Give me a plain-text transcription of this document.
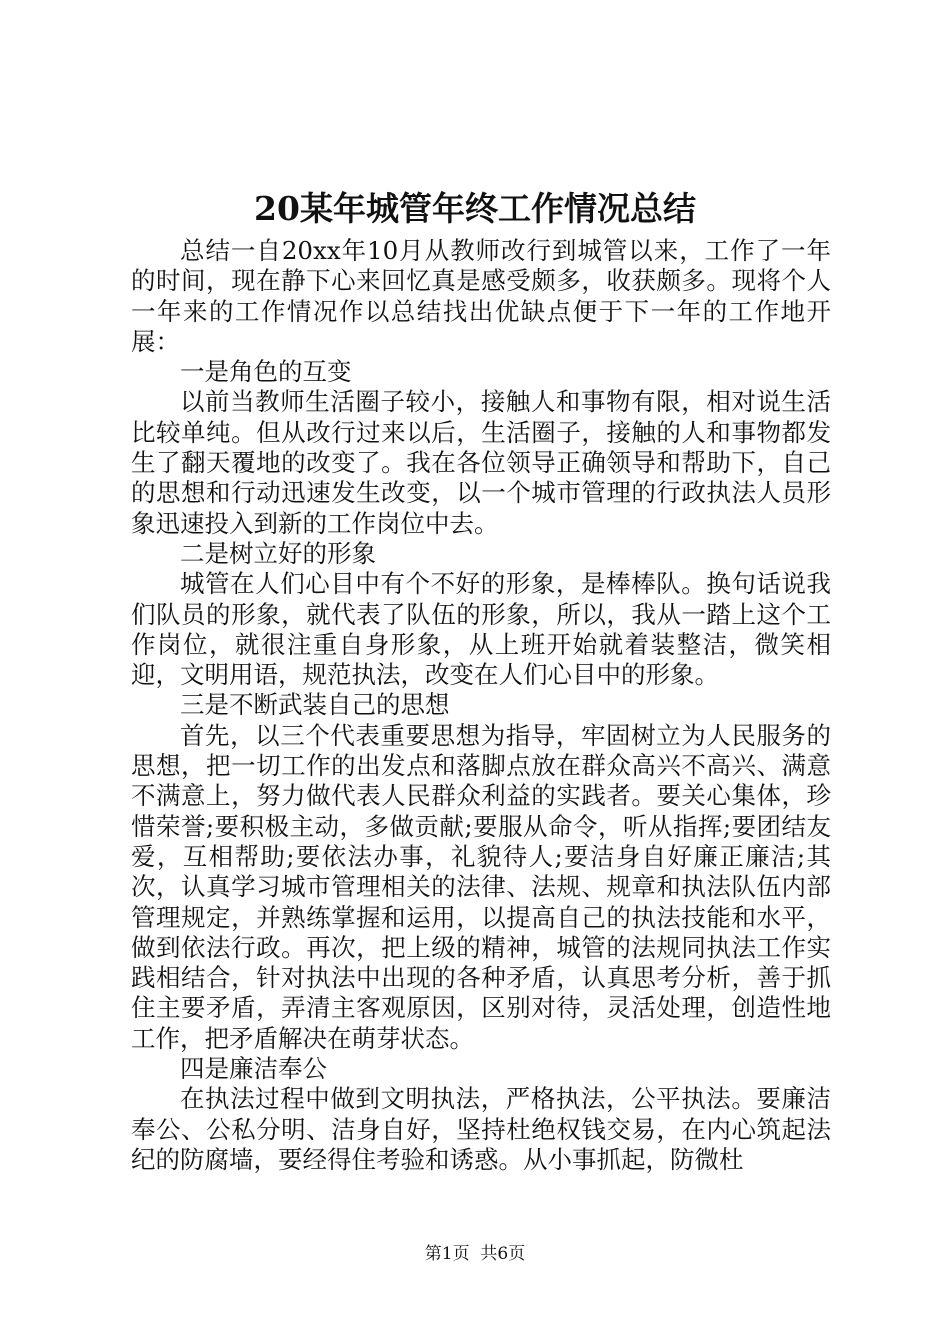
20某年城管年终工作情况总结

总结一自20xx年10月从教师改行到城管以来，工作了一年的时间，现在静下心来回忆真是感受颇多，收获颇多。现将个人一年来的工作情况作以总结找出优缺点便于下一年的工作地开展：

一是角色的互变

以前当教师生活圈子较小，接触人和事物有限，相对说生活比较单纯。但从改行过来以后，生活圈子，接触的人和事物都发生了翻天覆地的改变了。我在各位领导正确领导和帮助下，自己的思想和行动迅速发生改变，以一个城市管理的行政执法人员形象迅速投入到新的工作岗位中去。

二是树立好的形象

城管在人们心目中有个不好的形象，是棒棒队。换句话说我们队员的形象，就代表了队伍的形象，所以，我从一踏上这个工作岗位，就很注重自身形象，从上班开始就着装整洁，微笑相迎，文明用语，规范执法，改变在人们心目中的形象。

三是不断武装自己的思想

首先，以三个代表重要思想为指导，牢固树立为人民服务的思想，把一切工作的出发点和落脚点放在群众高兴不高兴、满意不满意上，努力做代表人民群众利益的实践者。要关心集体，珍惜荣誉;要积极主动，多做贡献;要服从命令，听从指挥;要团结友爱，互相帮助;要依法办事，礼貌待人;要洁身自好廉正廉洁;其次，认真学习城市管理相关的法律、法规、规章和执法队伍内部管理规定，并熟练掌握和运用，以提高自己的执法技能和水平，做到依法行政。再次，把上级的精神，城管的法规同执法工作实践相结合，针对执法中出现的各种矛盾，认真思考分析，善于抓住主要矛盾，弄清主客观原因，区别对待，灵活处理，创造性地工作，把矛盾解决在萌芽状态。

四是廉洁奉公

在执法过程中做到文明执法，严格执法，公平执法。要廉洁奉公、公私分明、洁身自好，坚持杜绝权钱交易，在内心筑起法纪的防腐墙，要经得住考验和诱惑。从小事抓起，防微杜

第1页  共6页
